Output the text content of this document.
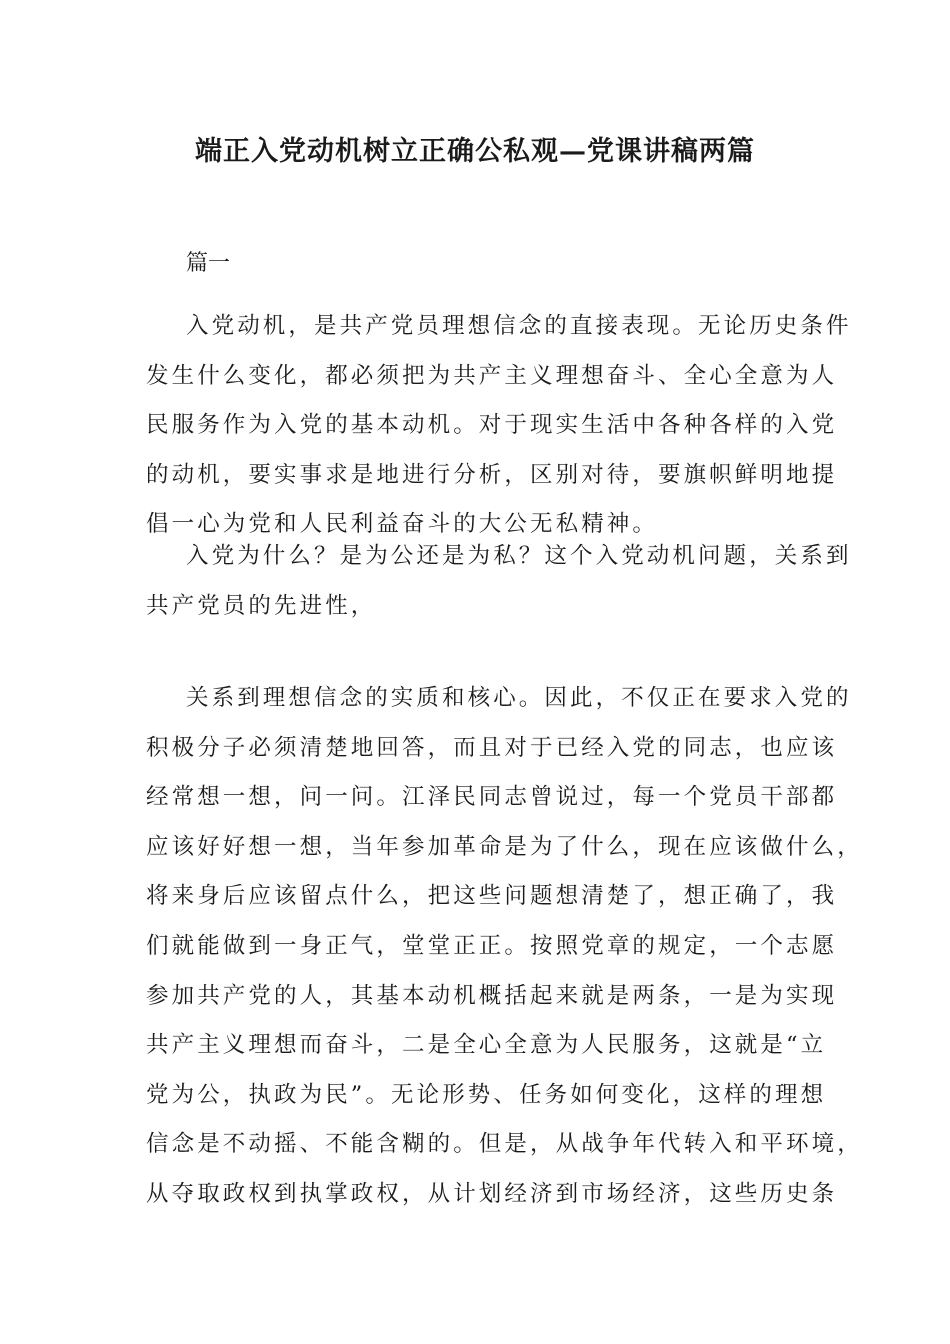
端正入党动机树立正确公私观—党课讲稿两篇

篇一

入党动机，是共产党员理想信念的直接表现。无论历史条件
发生什么变化，都必须把为共产主义理想奋斗、全心全意为人
民服务作为入党的基本动机。对于现实生活中各种各样的入党
的动机，要实事求是地进行分析，区别对待，要旗帜鲜明地提
倡一心为党和人民利益奋斗的大公无私精神。
入党为什么？是为公还是为私？这个入党动机问题，关系到
共产党员的先进性，
关系到理想信念的实质和核心。因此，不仅正在要求入党的
积极分子必须清楚地回答，而且对于已经入党的同志，也应该
经常想一想，问一问。江泽民同志曾说过，每一个党员干部都
应该好好想一想，当年参加革命是为了什么，现在应该做什么，
将来身后应该留点什么，把这些问题想清楚了，想正确了，我
们就能做到一身正气，堂堂正正。按照党章的规定，一个志愿
参加共产党的人，其基本动机概括起来就是两条，一是为实现
共产主义理想而奋斗，二是全心全意为人民服务，这就是“立
党为公，执政为民”。无论形势、任务如何变化，这样的理想
信念是不动摇、不能含糊的。但是，从战争年代转入和平环境，
从夺取政权到执掌政权，从计划经济到市场经济，这些历史条
